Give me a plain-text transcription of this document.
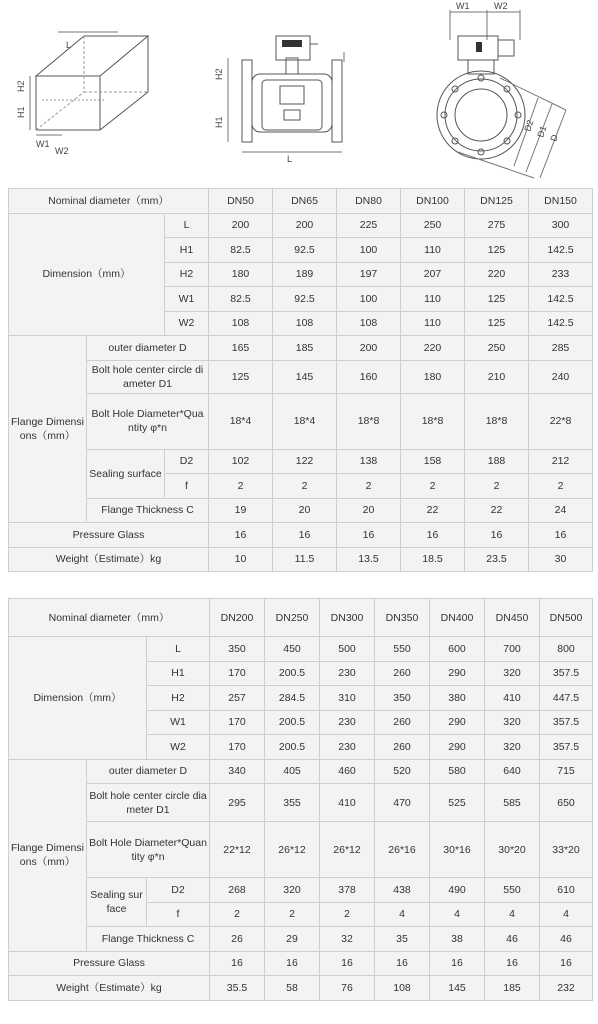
L
H2
H1
W1
W2
H2
H1
L
W1	W2
D2 D1 D
Nominal diameter（mm）			DN50	DN65	DN80	DN100	DN125	DN150
Dimension（mm）		L	200	200	225	250	275	300
		H1	82.5	92.5	100	110	125	142.5
		H2	180	189	197	207	220	233
		W1	82.5	92.5	100	110	125	142.5
		W2	108	108	108	110	125	142.5
Flange Dimensions（mm）	outer diameter D		165	185	200	220	250	285
	Bolt hole center circle diameter D1		125	145	160	180	210	240
	Bolt Hole Diameter*Quantity φ*n		18*4	18*4	18*8	18*8	18*8	22*8
	Sealing surface	D2	102	122	138	158	188	212
		f	2	2	2	2	2	2
	Flange Thickness C		19	20	20	22	22	24
Pressure Glass			16	16	16	16	16	16
Weight（Estimate）kg			10	11.5	13.5	18.5	23.5	30
Nominal diameter（mm）			DN200	DN250	DN300	DN350	DN400	DN450	DN500
Dimension（mm）		L	350	450	500	550	600	700	800
		H1	170	200.5	230	260	290	320	357.5
		H2	257	284.5	310	350	380	410	447.5
		W1	170	200.5	230	260	290	320	357.5
		W2	170	200.5	230	260	290	320	357.5
Flange Dimensions（mm）	outer diameter D		340	405	460	520	580	640	715
	Bolt hole center circle diameter D1		295	355	410	470	525	585	650
	Bolt Hole Diameter*Quantity φ*n		22*12	26*12	26*12	26*16	30*16	30*20	33*20
	Sealing surface	D2	268	320	378	438	490	550	610
		f	2	2	2	4	4	4	4
	Flange Thickness C		26	29	32	35	38	46	46
Pressure Glass			16	16	16	16	16	16	16
Weight（Estimate）kg			35.5	58	76	108	145	185	232
